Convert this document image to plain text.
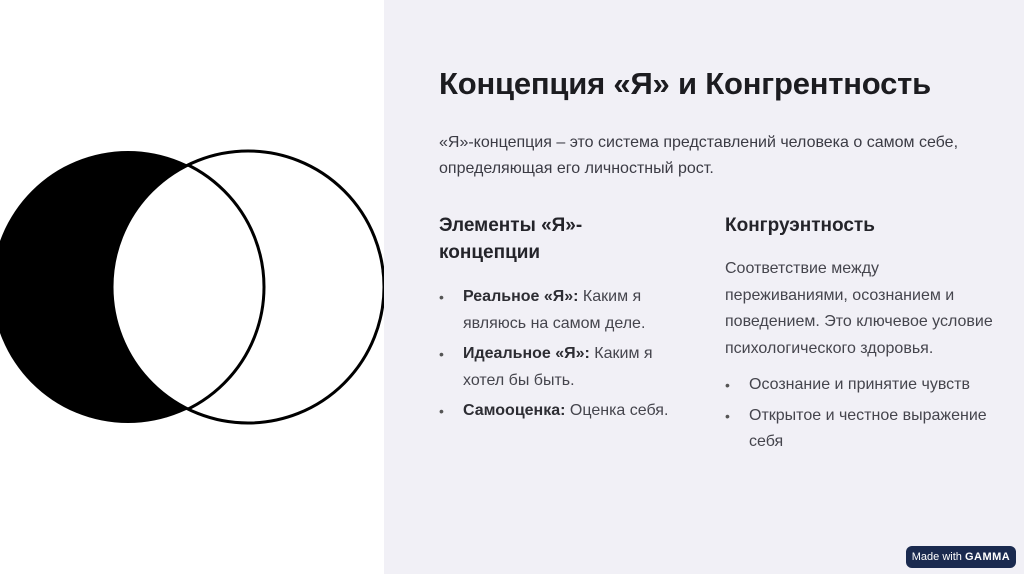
Концепция «Я» и Конгрентность

«Я»-концепция – это система представлений человека о самом себе, определяющая его личностный рост.

Элементы «Я»-
концепции
• Реальное «Я»: Каким я являюсь на самом деле.
• Идеальное «Я»: Каким я хотел бы быть.
• Самооценка: Оценка себя.
Конгруэнтность

Соответствие между переживаниями, осознанием и поведением. Это ключевое условие психологического здоровья.

• Осознание и принятие чувств
• Открытое и честное выражение себя
Made with GAMMA
